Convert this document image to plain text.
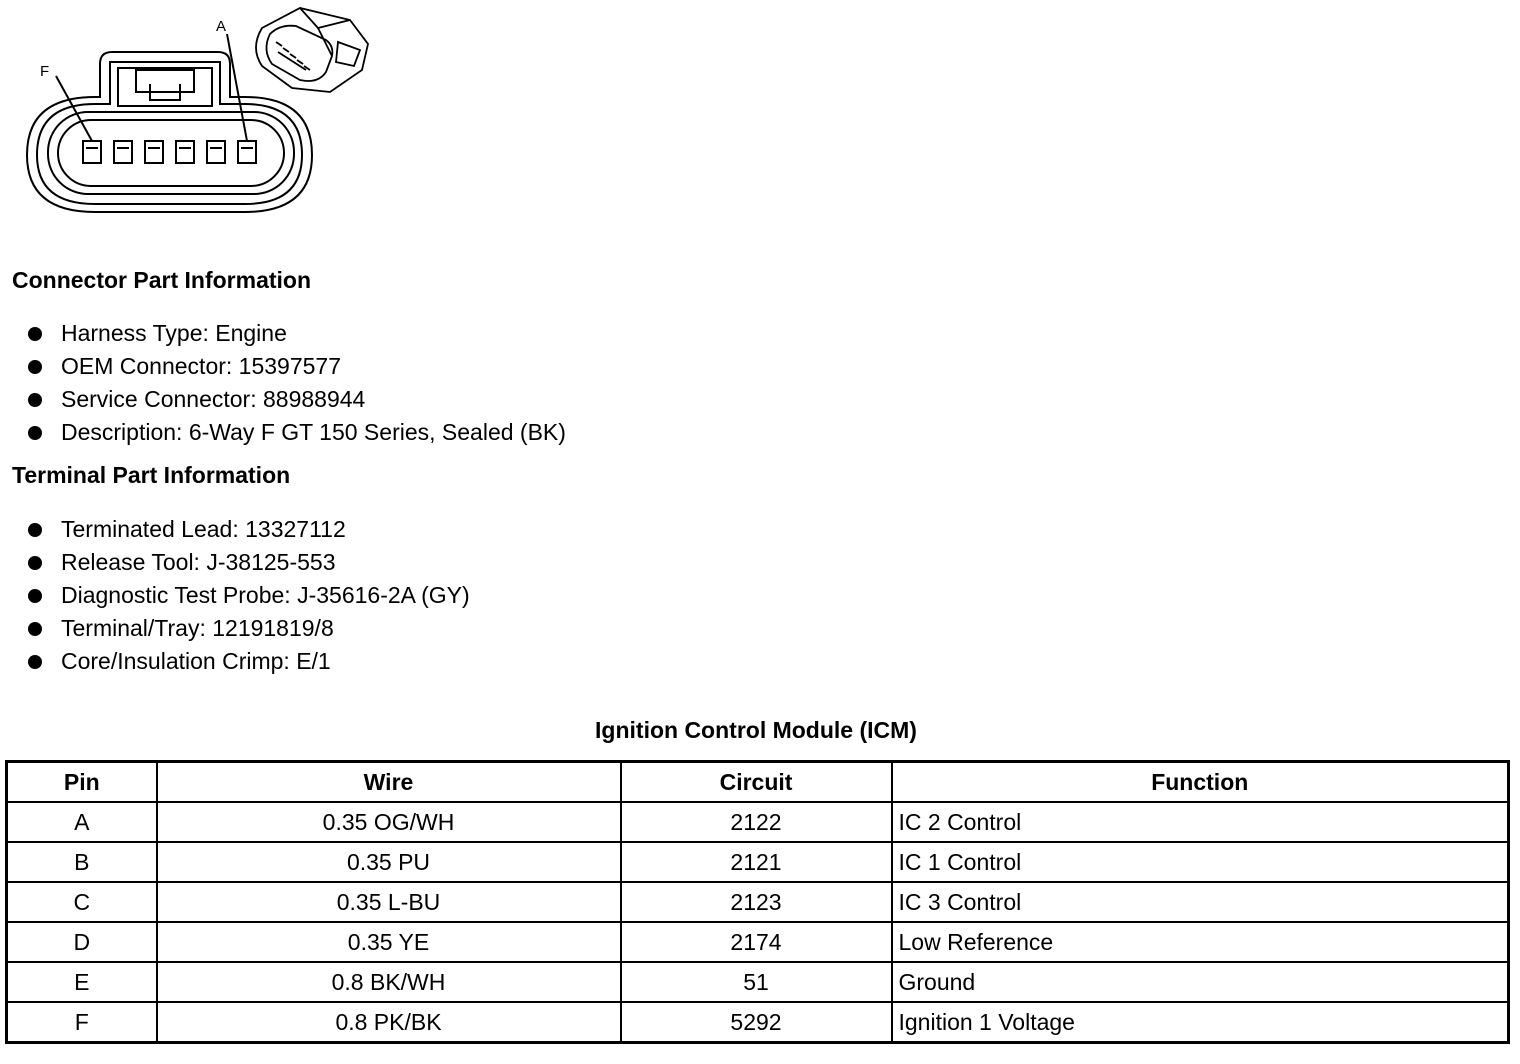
F
A
Connector Part Information
Harness Type: Engine
OEM Connector: 15397577
Service Connector: 88988944
Description: 6-Way F GT 150 Series, Sealed (BK)
Terminal Part Information
Terminated Lead: 13327112
Release Tool: J-38125-553
Diagnostic Test Probe: J-35616-2A (GY)
Terminal/Tray: 12191819/8
Core/Insulation Crimp: E/1
Ignition Control Module (ICM)
Pin	Wire	Circuit	Function
A	0.35 OG/WH	2122	IC 2 Control
B	0.35 PU	2121	IC 1 Control
C	0.35 L-BU	2123	IC 3 Control
D	0.35 YE	2174	Low Reference
E	0.8 BK/WH	51	Ground
F	0.8 PK/BK	5292	Ignition 1 Voltage
